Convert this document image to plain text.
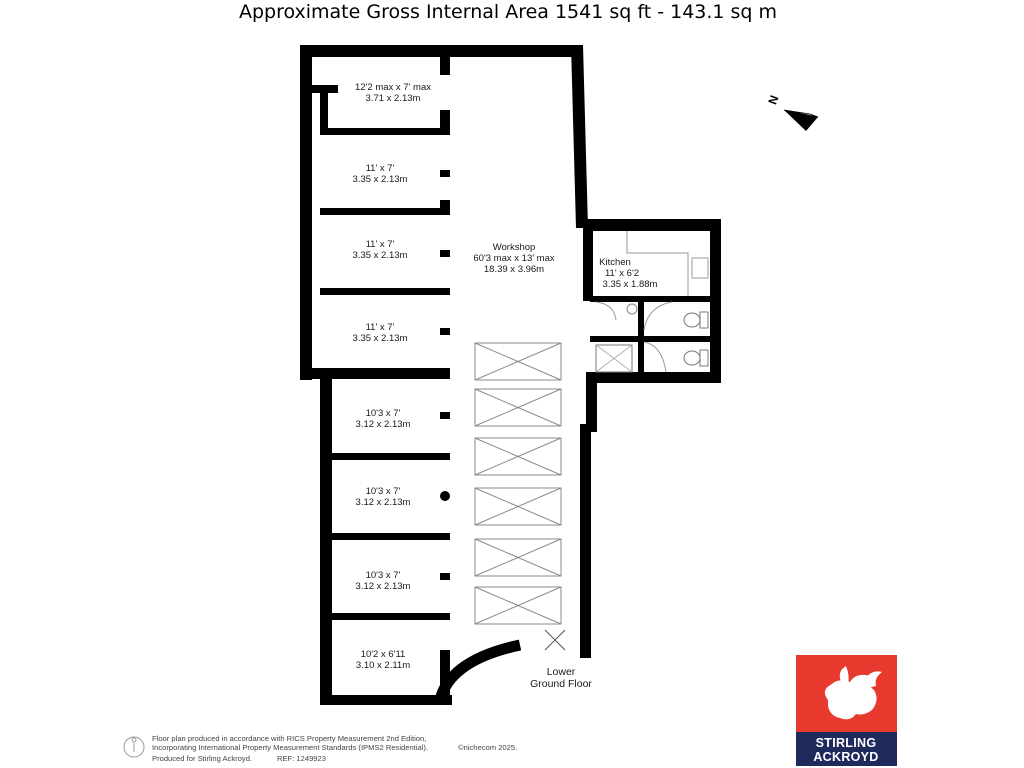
Approximate Gross Internal Area 1541 sq ft - 143.1 sq m
12'2 max x 7' max
3.71 x 2.13m
11' x 7'
3.35 x 2.13m
11' x 7'
3.35 x 2.13m
11' x 7'
3.35 x 2.13m
10'3 x 7'
3.12 x 2.13m
10'3 x 7'
3.12 x 2.13m
10'3 x 7'
3.12 x 2.13m
10'2 x 6'11
3.10 x 2.11m
Workshop
60'3 max x 13' max
18.39 x 3.96m
Kitchen
11' x 6'2
3.35 x 1.88m
Lower
Ground Floor
N
Floor plan produced in accordance with RICS Property Measurement 2nd Edition,
Incorporating International Property Measurement Standards (IPMS2 Residential).	©nichecom 2025.
Produced for Stirling Ackroyd.	REF: 1249923
STIRLING
ACKROYD
